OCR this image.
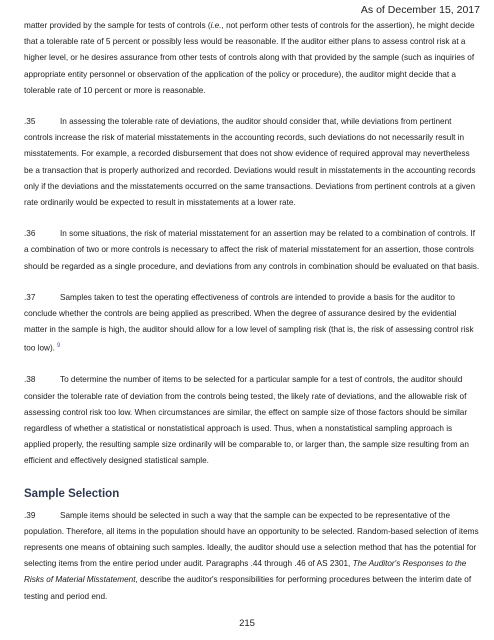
As of December 15, 2017

matter provided by the sample for tests of controls (i.e., not perform other tests of controls for the assertion), he might decide that a tolerable rate of 5 percent or possibly less would be reasonable. If the auditor either plans to assess control risk at a higher level, or he desires assurance from other tests of controls along with that provided by the sample (such as inquiries of appropriate entity personnel or observation of the application of the policy or procedure), the auditor might decide that a tolerable rate of 10 percent or more is reasonable.

.35	In assessing the tolerable rate of deviations, the auditor should consider that, while deviations from pertinent controls increase the risk of material misstatements in the accounting records, such deviations do not necessarily result in misstatements. For example, a recorded disbursement that does not show evidence of required approval may nevertheless be a transaction that is properly authorized and recorded. Deviations would result in misstatements in the accounting records only if the deviations and the misstatements occurred on the same transactions. Deviations from pertinent controls at a given rate ordinarily would be expected to result in misstatements at a lower rate.

.36	In some situations, the risk of material misstatement for an assertion may be related to a combination of controls. If a combination of two or more controls is necessary to affect the risk of material misstatement for an assertion, those controls should be regarded as a single procedure, and deviations from any controls in combination should be evaluated on that basis.

.37	Samples taken to test the operating effectiveness of controls are intended to provide a basis for the auditor to conclude whether the controls are being applied as prescribed. When the degree of assurance desired by the evidential matter in the sample is high, the auditor should allow for a low level of sampling risk (that is, the risk of assessing control risk too low). $^9$

.38	To determine the number of items to be selected for a particular sample for a test of controls, the auditor should consider the tolerable rate of deviation from the controls being tested, the likely rate of deviations, and the allowable risk of assessing control risk too low. When circumstances are similar, the effect on sample size of those factors should be similar regardless of whether a statistical or nonstatistical approach is used. Thus, when a nonstatistical sampling approach is applied properly, the resulting sample size ordinarily will be comparable to, or larger than, the sample size resulting from an efficient and effectively designed statistical sample.

Sample Selection

.39	Sample items should be selected in such a way that the sample can be expected to be representative of the population. Therefore, all items in the population should have an opportunity to be selected. Random-based selection of items represents one means of obtaining such samples. Ideally, the auditor should use a selection method that has the potential for selecting items from the entire period under audit. Paragraphs .44 through .46 of AS 2301, The Auditor's Responses to the Risks of Material Misstatement, describe the auditor's responsibilities for performing procedures between the interim date of testing and period end.

215
